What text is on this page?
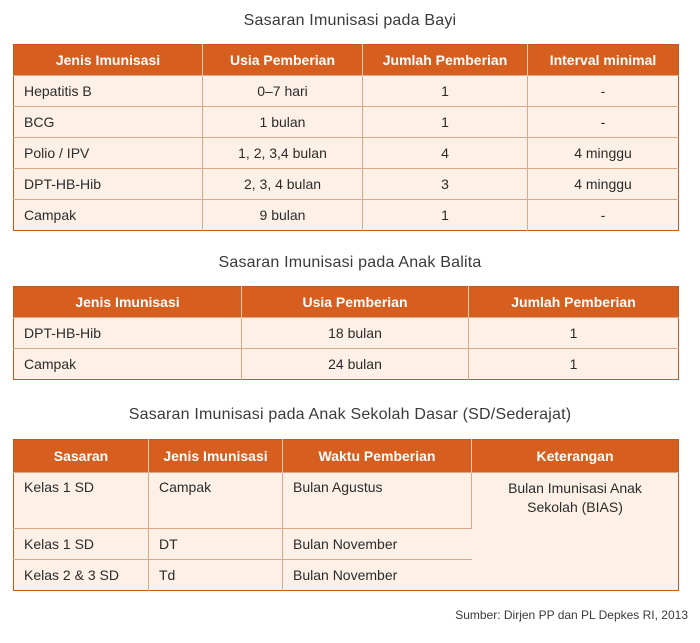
Sasaran Imunisasi pada Bayi
Jenis Imunisasi	Usia Pemberian	Jumlah Pemberian	Interval minimal
Hepatitis B	0–7 hari	1	-
BCG	1 bulan	1	-
Polio / IPV	1, 2, 3,4 bulan	4	4 minggu
DPT-HB-Hib	2, 3, 4 bulan	3	4 minggu
Campak	9 bulan	1	-
Sasaran Imunisasi pada Anak Balita
Jenis Imunisasi	Usia Pemberian	Jumlah Pemberian
DPT-HB-Hib	18 bulan	1
Campak	24 bulan	1
Sasaran Imunisasi pada Anak Sekolah Dasar (SD/Sederajat)
Sasaran	Jenis Imunisasi	Waktu Pemberian	Keterangan
Kelas 1 SD	Campak	Bulan Agustus	Bulan Imunisasi Anak Sekolah (BIAS)
Kelas 1 SD	DT	Bulan November	
Kelas 2 & 3 SD	Td	Bulan November	
Sumber: Dirjen PP dan PL Depkes RI, 2013
